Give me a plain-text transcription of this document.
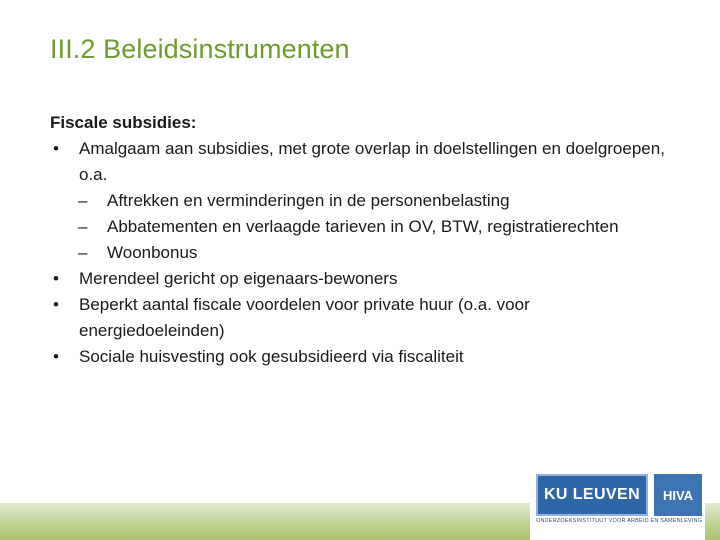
III.2 Beleidsinstrumenten
Fiscale subsidies:
• Amalgaam aan subsidies, met grote overlap in doelstellingen en doelgroepen, o.a.
– Aftrekken en verminderingen in de personenbelasting
– Abbatementen en verlaagde tarieven in OV, BTW, registratierechten
– Woonbonus
• Merendeel gericht op eigenaars-bewoners
• Beperkt aantal fiscale voordelen voor private huur (o.a. voor energiedoeleinden)
• Sociale huisvesting ook gesubsidieerd via fiscaliteit
KU LEUVEN	HIVA
ONDERZOEKSINSTITUUT VOOR ARBEID EN SAMENLEVING
